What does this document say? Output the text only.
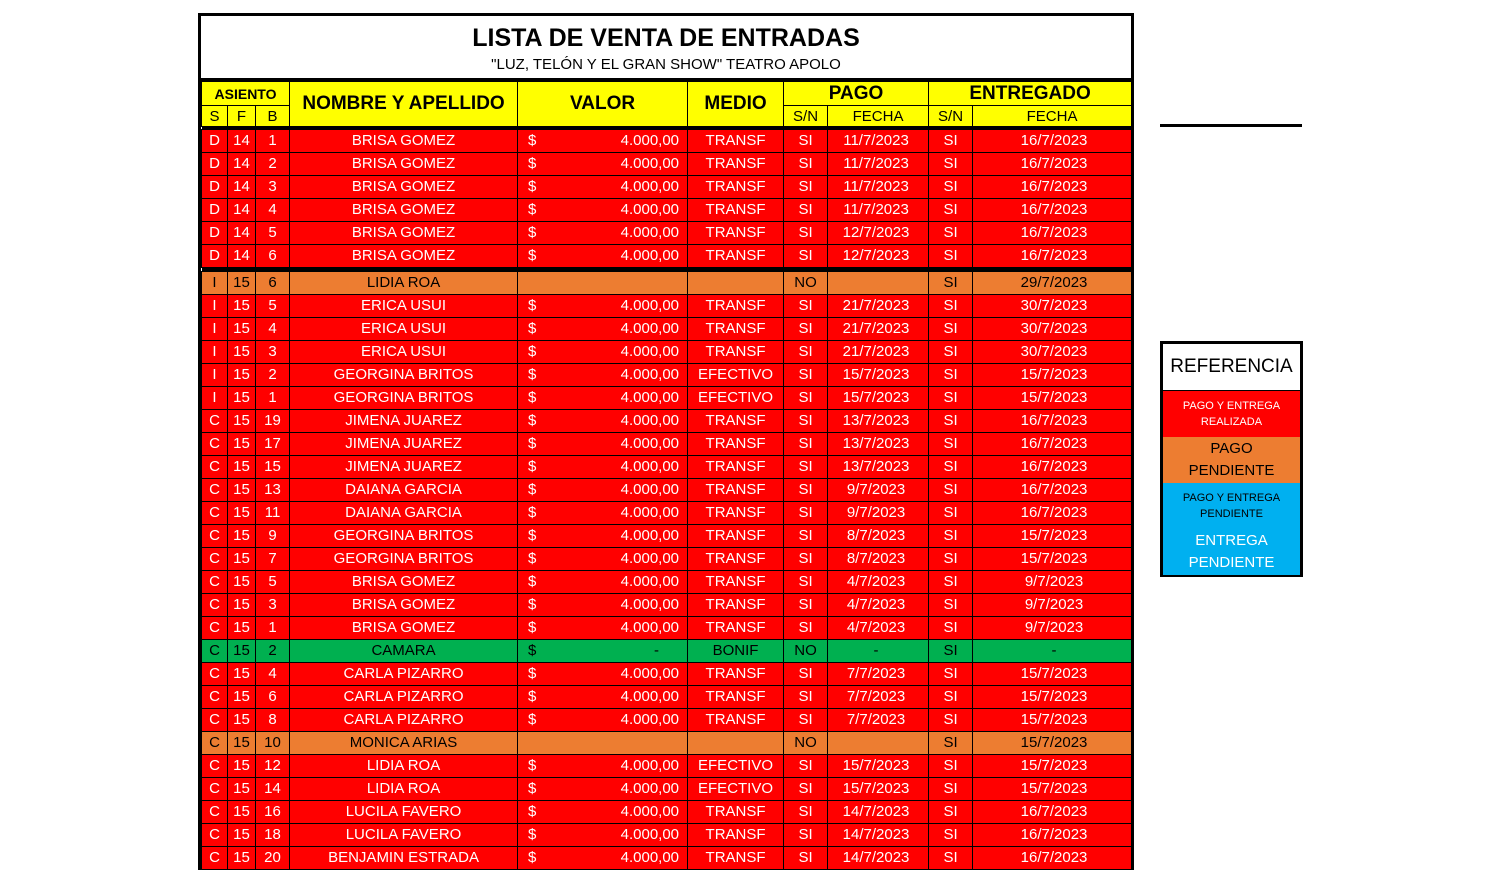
LISTA DE VENTA DE ENTRADAS
"LUZ, TELÓN Y EL GRAN SHOW" TEATRO APOLO
ASIENTO			NOMBRE Y APELLIDO	VALOR	MEDIO	PAGO		ENTREGADO	
S	F	B				S/N	FECHA	S/N	FECHA

D	14	1	BRISA GOMEZ	$ 4.000,00	TRANSF	SI	11/7/2023	SI	16/7/2023
D	14	2	BRISA GOMEZ	$ 4.000,00	TRANSF	SI	11/7/2023	SI	16/7/2023
D	14	3	BRISA GOMEZ	$ 4.000,00	TRANSF	SI	11/7/2023	SI	16/7/2023
D	14	4	BRISA GOMEZ	$ 4.000,00	TRANSF	SI	11/7/2023	SI	16/7/2023
D	14	5	BRISA GOMEZ	$ 4.000,00	TRANSF	SI	12/7/2023	SI	16/7/2023
D	14	6	BRISA GOMEZ	$ 4.000,00	TRANSF	SI	12/7/2023	SI	16/7/2023

I	15	6	LIDIA ROA			NO		SI	29/7/2023
I	15	5	ERICA USUI	$ 4.000,00	TRANSF	SI	21/7/2023	SI	30/7/2023
I	15	4	ERICA USUI	$ 4.000,00	TRANSF	SI	21/7/2023	SI	30/7/2023
I	15	3	ERICA USUI	$ 4.000,00	TRANSF	SI	21/7/2023	SI	30/7/2023
I	15	2	GEORGINA BRITOS	$ 4.000,00	EFECTIVO	SI	15/7/2023	SI	15/7/2023
I	15	1	GEORGINA BRITOS	$ 4.000,00	EFECTIVO	SI	15/7/2023	SI	15/7/2023
C	15	19	JIMENA JUAREZ	$ 4.000,00	TRANSF	SI	13/7/2023	SI	16/7/2023
C	15	17	JIMENA JUAREZ	$ 4.000,00	TRANSF	SI	13/7/2023	SI	16/7/2023
C	15	15	JIMENA JUAREZ	$ 4.000,00	TRANSF	SI	13/7/2023	SI	16/7/2023
C	15	13	DAIANA GARCIA	$ 4.000,00	TRANSF	SI	9/7/2023	SI	16/7/2023
C	15	11	DAIANA GARCIA	$ 4.000,00	TRANSF	SI	9/7/2023	SI	16/7/2023
C	15	9	GEORGINA BRITOS	$ 4.000,00	TRANSF	SI	8/7/2023	SI	15/7/2023
C	15	7	GEORGINA BRITOS	$ 4.000,00	TRANSF	SI	8/7/2023	SI	15/7/2023
C	15	5	BRISA GOMEZ	$ 4.000,00	TRANSF	SI	4/7/2023	SI	9/7/2023
C	15	3	BRISA GOMEZ	$ 4.000,00	TRANSF	SI	4/7/2023	SI	9/7/2023
C	15	1	BRISA GOMEZ	$ 4.000,00	TRANSF	SI	4/7/2023	SI	9/7/2023
C	15	2	CAMARA	$ -	BONIF	NO	-	SI	-
C	15	4	CARLA PIZARRO	$ 4.000,00	TRANSF	SI	7/7/2023	SI	15/7/2023
C	15	6	CARLA PIZARRO	$ 4.000,00	TRANSF	SI	7/7/2023	SI	15/7/2023
C	15	8	CARLA PIZARRO	$ 4.000,00	TRANSF	SI	7/7/2023	SI	15/7/2023
C	15	10	MONICA ARIAS			NO		SI	15/7/2023
C	15	12	LIDIA ROA	$ 4.000,00	EFECTIVO	SI	15/7/2023	SI	15/7/2023
C	15	14	LIDIA ROA	$ 4.000,00	EFECTIVO	SI	15/7/2023	SI	15/7/2023
C	15	16	LUCILA FAVERO	$ 4.000,00	TRANSF	SI	14/7/2023	SI	16/7/2023
C	15	18	LUCILA FAVERO	$ 4.000,00	TRANSF	SI	14/7/2023	SI	16/7/2023
C	15	20	BENJAMIN ESTRADA	$ 4.000,00	TRANSF	SI	14/7/2023	SI	16/7/2023
REFERENCIA
PAGO Y ENTREGA REALIZADA
PAGO PENDIENTE
PAGO Y ENTREGA PENDIENTE
ENTREGA PENDIENTE
